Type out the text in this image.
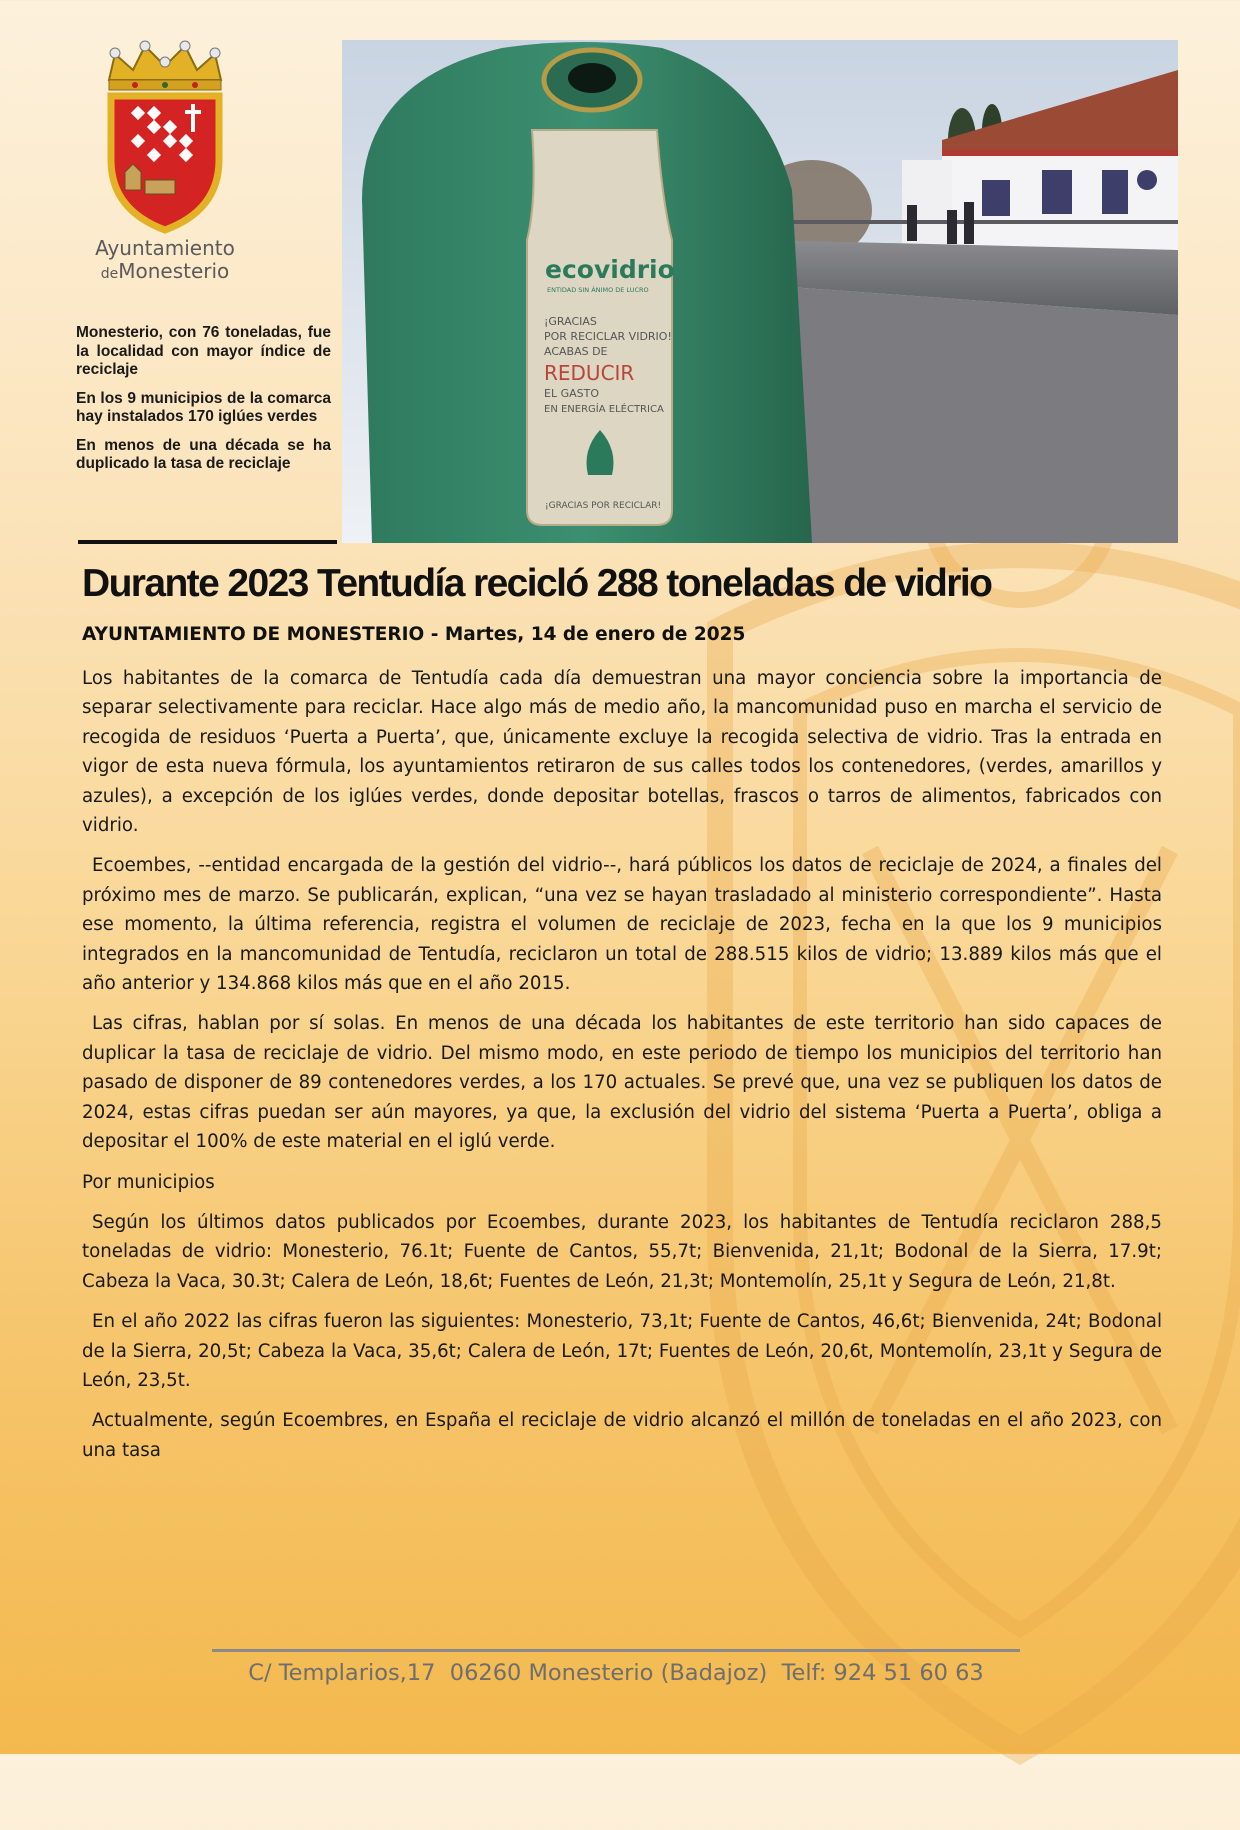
Ayuntamiento
deMonesterio

Monesterio, con 76 toneladas, fue la localidad con mayor índice de reciclaje

En los 9 municipios de la comarca hay instalados 170 iglúes verdes

En menos de una década se ha duplicado la tasa de reciclaje

ecovidrio
ENTIDAD SIN ÁNIMO DE LUCRO
¡GRACIAS
POR RECICLAR VIDRIO!
ACABAS DE
REDUCIR
EL GASTO
EN ENERGÍA ELÉCTRICA
¡GRACIAS POR RECICLAR!
Durante 2023 Tentudía recicló 288 toneladas de vidrio

AYUNTAMIENTO DE MONESTERIO - Martes, 14 de enero de 2025

Los habitantes de la comarca de Tentudía cada día demuestran una mayor conciencia sobre la importancia de separar selectivamente para reciclar. Hace algo más de medio año, la mancomunidad puso en marcha el servicio de recogida de residuos ‘Puerta a Puerta’, que, únicamente excluye la recogida selectiva de vidrio. Tras la entrada en vigor de esta nueva fórmula, los ayuntamientos retiraron de sus calles todos los contenedores, (verdes, amarillos y azules), a excepción de los iglúes verdes, donde depositar botellas, frascos o tarros de alimentos, fabricados con vidrio.

Ecoembes, --entidad encargada de la gestión del vidrio--, hará públicos los datos de reciclaje de 2024, a finales del próximo mes de marzo. Se publicarán, explican, “una vez se hayan trasladado al ministerio correspondiente”. Hasta ese momento, la última referencia, registra el volumen de reciclaje de 2023, fecha en la que los 9 municipios integrados en la mancomunidad de Tentudía, reciclaron un total de 288.515 kilos de vidrio; 13.889 kilos más que el año anterior y 134.868 kilos más que en el año 2015.

Las cifras, hablan por sí solas. En menos de una década los habitantes de este territorio han sido capaces de duplicar la tasa de reciclaje de vidrio. Del mismo modo, en este periodo de tiempo los municipios del territorio han pasado de disponer de 89 contenedores verdes, a los 170 actuales. Se prevé que, una vez se publiquen los datos de 2024, estas cifras puedan ser aún mayores, ya que, la exclusión del vidrio del sistema ‘Puerta a Puerta’, obliga a depositar el 100% de este material en el iglú verde.

Por municipios

Según los últimos datos publicados por Ecoembes, durante 2023, los habitantes de Tentudía reciclaron 288,5 toneladas de vidrio: Monesterio, 76.1t; Fuente de Cantos, 55,7t; Bienvenida, 21,1t; Bodonal de la Sierra, 17.9t; Cabeza la Vaca, 30.3t; Calera de León, 18,6t; Fuentes de León, 21,3t; Montemolín, 25,1t y Segura de León, 21,8t.

En el año 2022 las cifras fueron las siguientes: Monesterio, 73,1t; Fuente de Cantos, 46,6t; Bienvenida, 24t; Bodonal de la Sierra, 20,5t; Cabeza la Vaca, 35,6t; Calera de León, 17t; Fuentes de León, 20,6t, Montemolín, 23,1t y Segura de León, 23,5t.

Actualmente, según Ecoembres, en España el reciclaje de vidrio alcanzó el millón de toneladas en el año 2023, con una tasa

C/ Templarios,17  06260 Monesterio (Badajoz)  Telf: 924 51 60 63
